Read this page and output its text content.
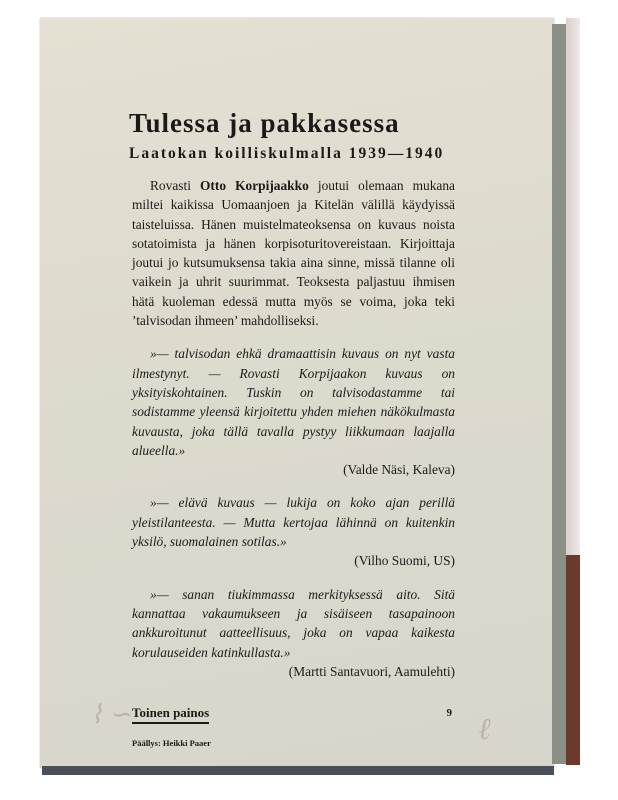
⌇ ∽	ℓ
Tulessa ja pakkasessa
Laatokan koilliskulmalla 1939—1940
Rovasti Otto Korpijaakko joutui olemaan mukana miltei kaikissa Uomaanjoen ja Kitelän välillä käydyissä taisteluissa. Hänen muistelmateoksensa on kuvaus noista sotatoimista ja hänen korpisoturitovereistaan. Kirjoittaja joutui jo kutsumuksensa takia aina sinne, missä tilanne oli vaikein ja uhrit suurimmat. Teoksesta paljastuu ihmisen hätä kuoleman edessä mutta myös se voima, joka teki ’talvisodan ihmeen’ mahdolliseksi.
»— talvisodan ehkä dramaattisin kuvaus on nyt vasta ilmestynyt. — Rovasti Korpijaakon kuvaus on yksityiskohtainen. Tuskin on talvisodastamme tai sodistamme yleensä kirjoitettu yhden miehen näkökulmasta kuvausta, joka tällä tavalla pystyy liikkumaan laajalla alueella.»
(Valde Näsi, Kaleva)
»— elävä kuvaus — lukija on koko ajan perillä yleistilanteesta. — Mutta kertojaa lähinnä on kuitenkin yksilö, suomalainen sotilas.»
(Vilho Suomi, US)
»— sanan tiukimmassa merkityksessä aito. Sitä kannattaa vakaumukseen ja sisäiseen tasapainoon ankkuroitunut aatteellisuus, joka on vapaa kaikesta korulauseiden katinkullasta.»
(Martti Santavuori, Aamulehti)
Toinen painos	9
Päällys: Heikki Paaer
